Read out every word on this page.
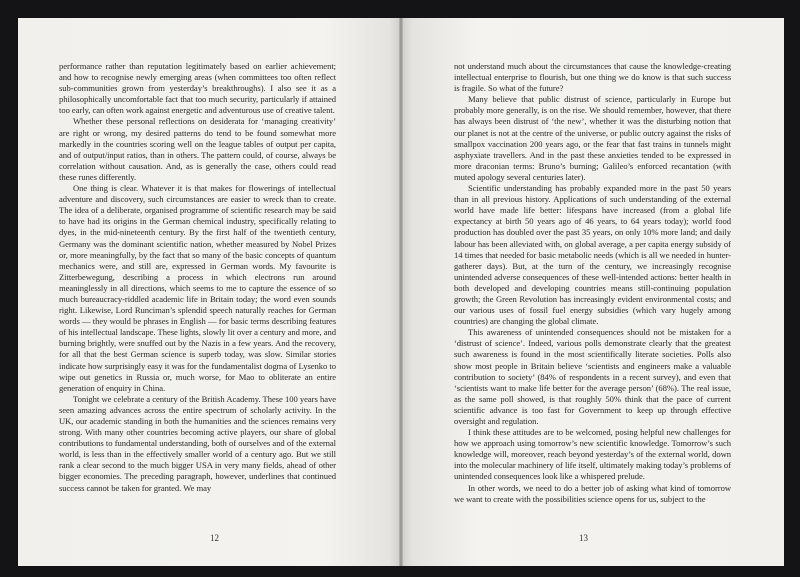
performance rather than reputation legitimately based on earlier achievement; and how to recognise newly emerging areas (when committees too often reflect sub-communities grown from yesterday’s breakthroughs). I also see it as a philosophically uncomfortable fact that too much security, particularly if attained too early, can often work against energetic and adventurous use of creative talent.

Whether these personal reflections on desiderata for ‘managing creativity’ are right or wrong, my desired patterns do tend to be found somewhat more markedly in the countries scoring well on the league tables of output per capita, and of output/input ratios, than in others. The pattern could, of course, always be correlation without causation. And, as is generally the case, others could read these runes differently.

One thing is clear. Whatever it is that makes for flowerings of intellectual adventure and discovery, such circumstances are easier to wreck than to create. The idea of a deliberate, organised programme of scientific research may be said to have had its origins in the German chemical industry, specifically relating to dyes, in the mid-nineteenth century. By the first half of the twentieth century, Germany was the dominant scientific nation, whether measured by Nobel Prizes or, more meaningfully, by the fact that so many of the basic concepts of quantum mechanics were, and still are, expressed in German words. My favourite is Zitterbewegung, describing a process in which electrons run around meaninglessly in all directions, which seems to me to capture the essence of so much bureaucracy-riddled academic life in Britain today; the word even sounds right. Likewise, Lord Runciman’s splendid speech naturally reaches for German words — they would be phrases in English — for basic terms describing features of his intellectual landscape. These lights, slowly lit over a century and more, and burning brightly, were snuffed out by the Nazis in a few years. And the recovery, for all that the best German science is superb today, was slow. Similar stories indicate how surprisingly easy it was for the fundamentalist dogma of Lysenko to wipe out genetics in Russia or, much worse, for Mao to obliterate an entire generation of enquiry in China.

Tonight we celebrate a century of the British Academy. These 100 years have seen amazing advances across the entire spectrum of scholarly activity. In the UK, our academic standing in both the humanities and the sciences remains very strong. With many other countries becoming active players, our share of global contributions to fundamental understanding, both of ourselves and of the external world, is less than in the effectively smaller world of a century ago. But we still rank a clear second to the much bigger USA in very many fields, ahead of other bigger economies. The preceding paragraph, however, underlines that continued success cannot be taken for granted. We may

12

not understand much about the circumstances that cause the knowledge-creating intellectual enterprise to flourish, but one thing we do know is that such success is fragile. So what of the future?

Many believe that public distrust of science, particularly in Europe but probably more generally, is on the rise. We should remember, however, that there has always been distrust of ‘the new’, whether it was the disturbing notion that our planet is not at the centre of the universe, or public outcry against the risks of smallpox vaccination 200 years ago, or the fear that fast trains in tunnels might asphyxiate travellers. And in the past these anxieties tended to be expressed in more draconian terms: Bruno’s burning; Galileo’s enforced recantation (with muted apology several centuries later).

Scientific understanding has probably expanded more in the past 50 years than in all previous history. Applications of such understanding of the external world have made life better: lifespans have increased (from a global life expectancy at birth 50 years ago of 46 years, to 64 years today); world food production has doubled over the past 35 years, on only 10% more land; and daily labour has been alleviated with, on global average, a per capita energy subsidy of 14 times that needed for basic metabolic needs (which is all we needed in hunter-gatherer days). But, at the turn of the century, we increasingly recognise unintended adverse consequences of these well-intended actions: better health in both developed and developing countries means still-continuing population growth; the Green Revolution has increasingly evident environmental costs; and our various uses of fossil fuel energy subsidies (which vary hugely among countries) are changing the global climate.

This awareness of unintended consequences should not be mistaken for a ‘distrust of science’. Indeed, various polls demonstrate clearly that the greatest such awareness is found in the most scientifically literate societies. Polls also show most people in Britain believe ‘scientists and engineers make a valuable contribution to society’ (84% of respondents in a recent survey), and even that ‘scientists want to make life better for the average person’ (68%). The real issue, as the same poll showed, is that roughly 50% think that the pace of current scientific advance is too fast for Government to keep up through effective oversight and regulation.

I think these attitudes are to be welcomed, posing helpful new challenges for how we approach using tomorrow’s new scientific knowledge. Tomorrow’s such knowledge will, moreover, reach beyond yesterday’s of the external world, down into the molecular machinery of life itself, ultimately making today’s problems of unintended consequences look like a whispered prelude.

In other words, we need to do a better job of asking what kind of tomorrow we want to create with the possibilities science opens for us, subject to the

13
